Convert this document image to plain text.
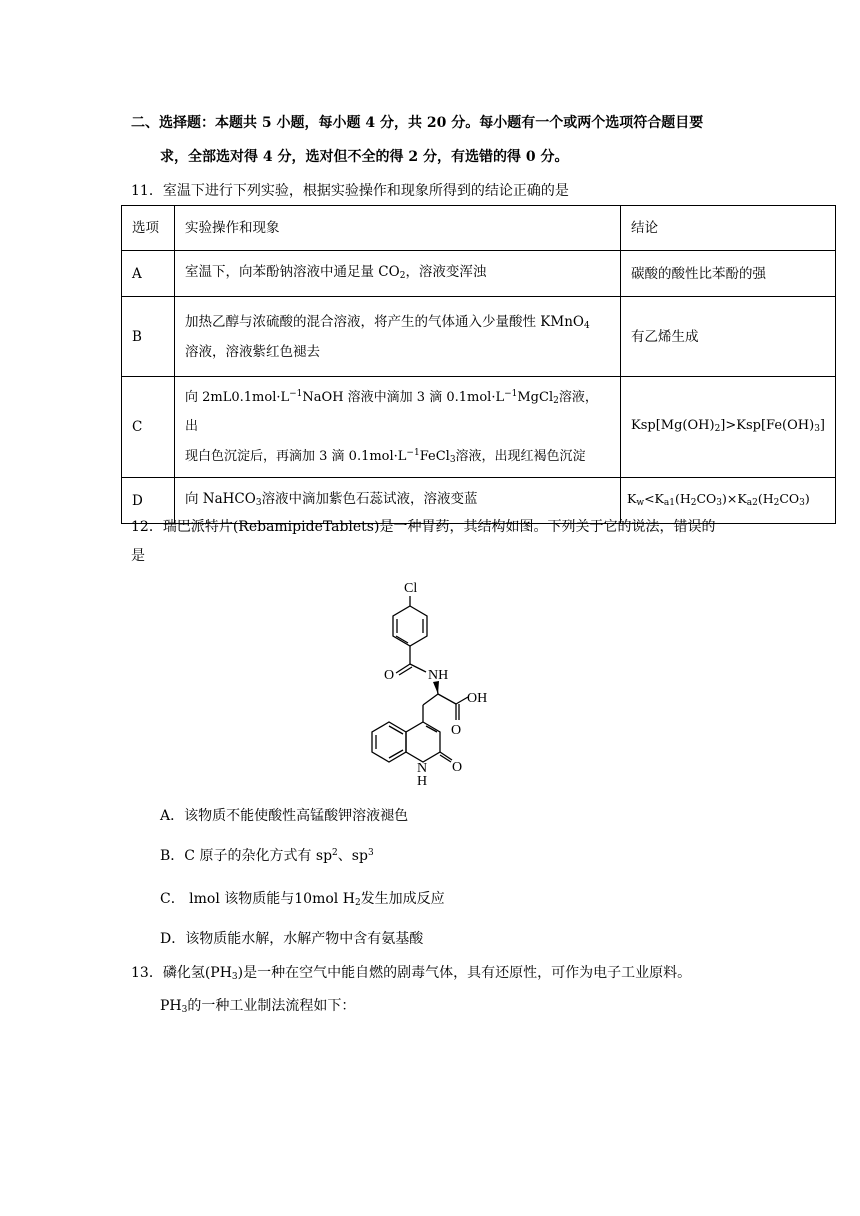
二、选择题：本题共 5 小题，每小题 4 分，共 20 分。每小题有一个或两个选项符合题目要
求，全部选对得 4 分，选对但不全的得 2 分，有选错的得 0 分。
11．室温下进行下列实验，根据实验操作和现象所得到的结论正确的是
选项	实验操作和现象	结论
A	室温下，向苯酚钠溶液中通足量 $CO_2$，溶液变浑浊	碳酸的酸性比苯酚的强
B	加热乙醇与浓硫酸的混合溶液，将产生的气体通入少量酸性 KMnO$_4$
溶液，溶液紫红色褪去	有乙烯生成
C	向 $2mL0.1mol\cdot L^{-1}NaOH$ 溶液中滴加 3 滴 $0.1mol\cdot L^{-1}MgCl_2$溶液，出
现白色沉淀后，再滴加 3 滴 $0.1mol\cdot L^{-1}FeCl_3$溶液，出现红褐色沉淀	$Ksp[Mg(OH)_2]>Ksp[Fe(OH)_3]$
D	向 NaHCO$_3$溶液中滴加紫色石蕊试液，溶液变蓝	$K_w<K_{a1}(H_2CO_3)\times K_{a2}(H_2CO_3)$
12．瑞巴派特片(RebamipideTablets)是一种胃药，其结构如图。下列关于它的说法，错误的
是
Cl
O NH
OH
O
N
H
O
A．该物质不能使酸性高锰酸钾溶液褪色
B．C 原子的杂化方式有 $sp^2$、$sp^3$
C． lmol 该物质能与10mol $H_2$发生加成反应
D．该物质能水解，水解产物中含有氨基酸
13．磷化氢$(PH_3)$是一种在空气中能自燃的剧毒气体，具有还原性，可作为电子工业原料。
$PH_3$的一种工业制法流程如下：
